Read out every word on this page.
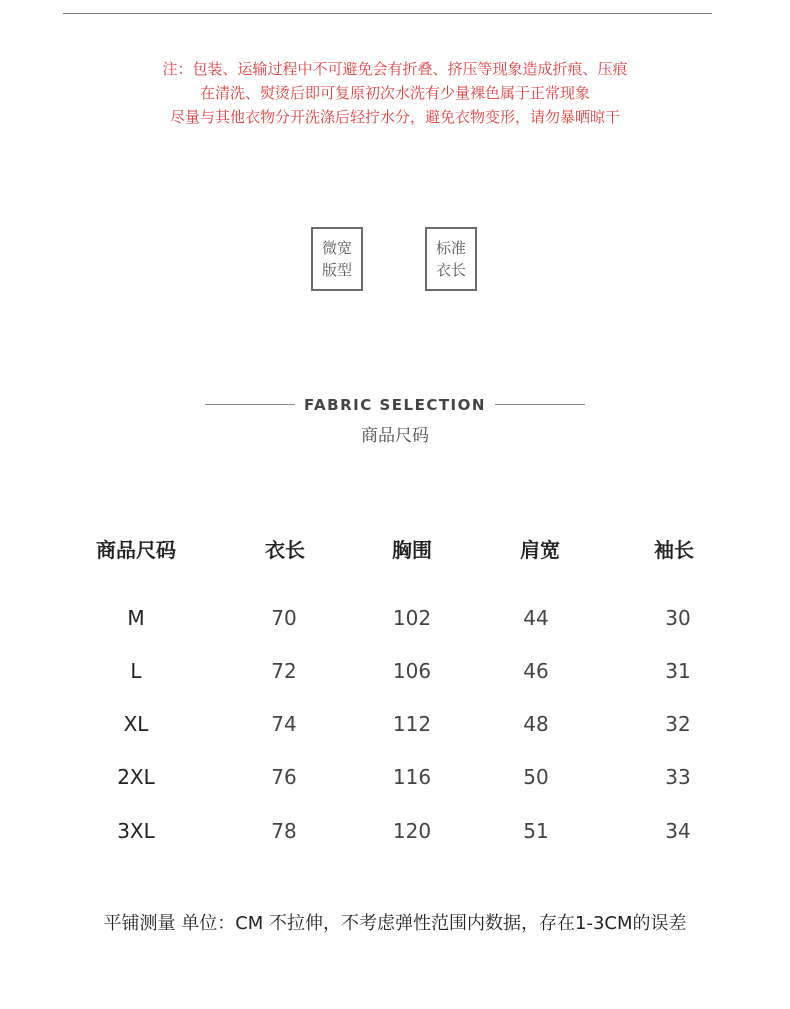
注：包装、运输过程中不可避免会有折叠、挤压等现象造成折痕、压痕
在清洗、熨烫后即可复原初次水洗有少量裸色属于正常现象
尽量与其他衣物分开洗涤后轻拧水分，避免衣物变形，请勿暴晒晾干
微宽
版型
标准
衣长
FABRIC SELECTION
商品尺码
商品尺码	衣长	胸围	肩宽	袖长
M	70	102	44	30
L	72	106	46	31
XL	74	112	48	32
2XL	76	116	50	33
3XL	78	120	51	34
平铺测量 单位：CM 不拉伸，不考虑弹性范围内数据，存在1-3CM的误差
